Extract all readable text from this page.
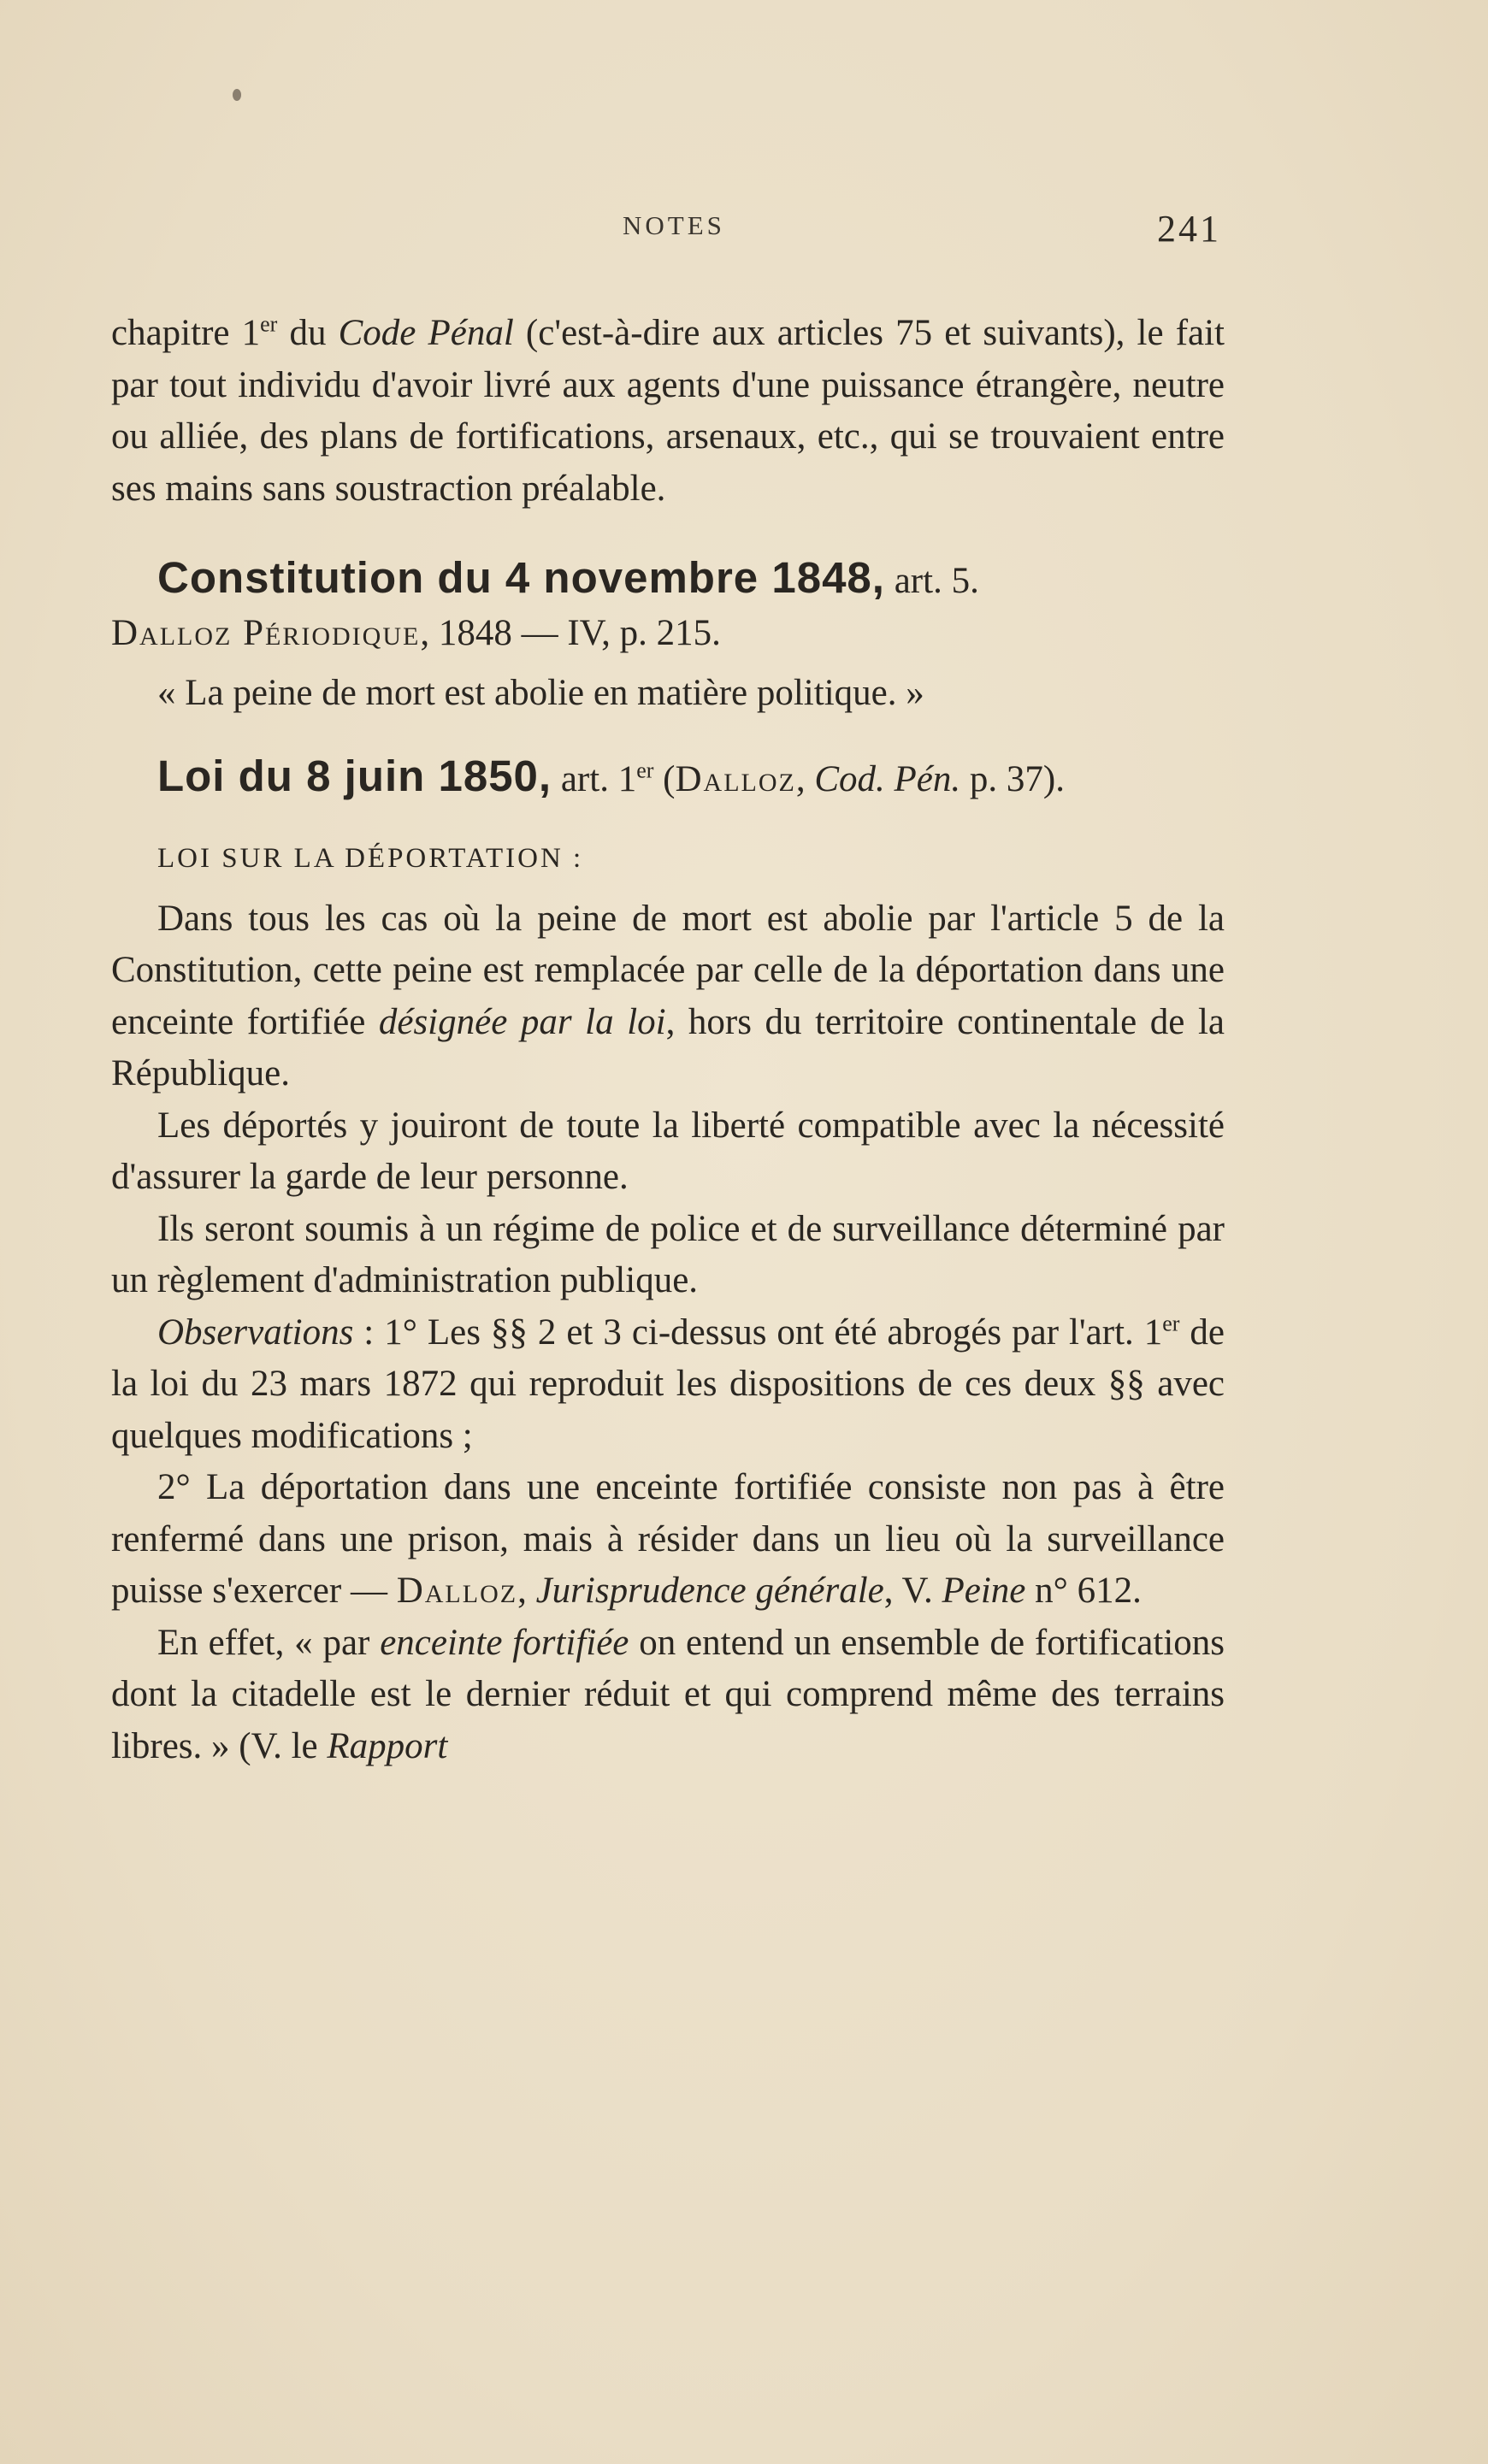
NOTES	241

chapitre 1er du Code Pénal (c'est-à-dire aux articles 75 et suivants), le fait par tout individu d'avoir livré aux agents d'une puissance étrangère, neutre ou alliée, des plans de fortifications, arsenaux, etc., qui se trouvaient entre ses mains sans soustraction préalable.

Constitution du 4 novembre 1848, art. 5.

Dalloz Périodique, 1848 — IV, p. 215.

« La peine de mort est abolie en matière politique. »

Loi du 8 juin 1850, art. 1er (Dalloz, Cod. Pén. p. 37).

LOI SUR LA DÉPORTATION :

Dans tous les cas où la peine de mort est abolie par l'article 5 de la Constitution, cette peine est remplacée par celle de la déportation dans une enceinte fortifiée désignée par la loi, hors du territoire continentale de la République.

Les déportés y jouiront de toute la liberté compatible avec la nécessité d'assurer la garde de leur personne.

Ils seront soumis à un régime de police et de surveillance déterminé par un règlement d'administration publique.

Observations : 1° Les §§ 2 et 3 ci-dessus ont été abrogés par l'art. 1er de la loi du 23 mars 1872 qui reproduit les dispositions de ces deux §§ avec quelques modifications ;

2° La déportation dans une enceinte fortifiée consiste non pas à être renfermé dans une prison, mais à résider dans un lieu où la surveillance puisse s'exercer — Dalloz, Jurisprudence générale, V. Peine n° 612.

En effet, « par enceinte fortifiée on entend un ensemble de fortifications dont la citadelle est le dernier réduit et qui comprend même des terrains libres. » (V. le Rapport
